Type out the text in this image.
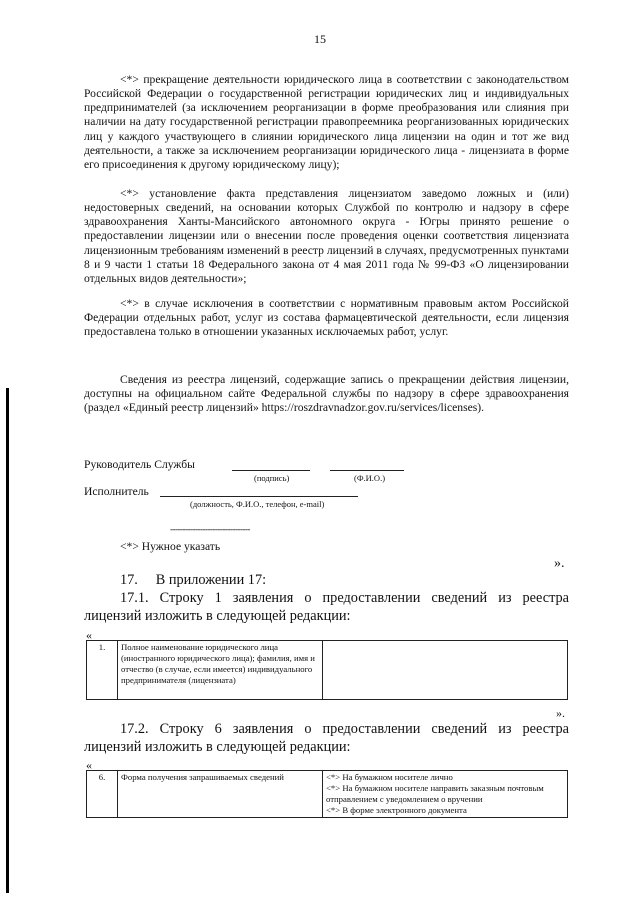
15

<*> прекращение деятельности юридического лица в соответствии с законодательством Российской Федерации о государственной регистрации юридических лиц и индивидуальных предпринимателей (за исключением реорганизации в форме преобразования или слияния при наличии на дату государственной регистрации правопреемника реорганизованных юридических лиц у каждого участвующего в слиянии юридического лица лицензии на один и тот же вид деятельности, а также за исключением реорганизации юридического лица - лицензиата в форме его присоединения к другому юридическому лицу);

<*> установление факта представления лицензиатом заведомо ложных и (или) недостоверных сведений, на основании которых Службой по контролю и надзору в сфере здравоохранения Ханты-Мансийского автономного округа - Югры принято решение о предоставлении лицензии или о внесении после проведения оценки соответствия лицензиата лицензионным требованиям изменений в реестр лицензий в случаях, предусмотренных пунктами 8 и 9 части 1 статьи 18 Федерального закона от 4 мая 2011 года № 99-ФЗ «О лицензировании отдельных видов деятельности»;

<*> в случае исключения в соответствии с нормативным правовым актом Российской Федерации отдельных работ, услуг из состава фармацевтической деятельности, если лицензия предоставлена только в отношении указанных исключаемых работ, услуг.

Сведения из реестра лицензий, содержащие запись о прекращении действия лицензии, доступны на официальном сайте Федеральной службы по надзору в сфере здравоохранения (раздел «Единый реестр лицензий» https://roszdravnadzor.gov.ru/services/licenses).

Руководитель Службы
(подпись)	(Ф.И.О.)
Исполнитель
(должность, Ф.И.О., телефон, e-mail)
--------------------------------
<*> Нужное указать
».

17.     В приложении 17:

17.1. Строку 1 заявления о предоставлении сведений из реестра лицензий изложить в следующей редакции:

«
1.	Полное наименование юридического лица (иностранного юридического лица); фамилия, имя и отчество (в случае, если имеется) индивидуального предпринимателя (лицензиата)	
».

17.2. Строку 6 заявления о предоставлении сведений из реестра лицензий изложить в следующей редакции:

«
6.	Форма получения запрашиваемых сведений	<*> На бумажном носителе лично
<*> На бумажном носителе направить заказным почтовым отправлением с уведомлением о вручении
<*> В форме электронного документа
